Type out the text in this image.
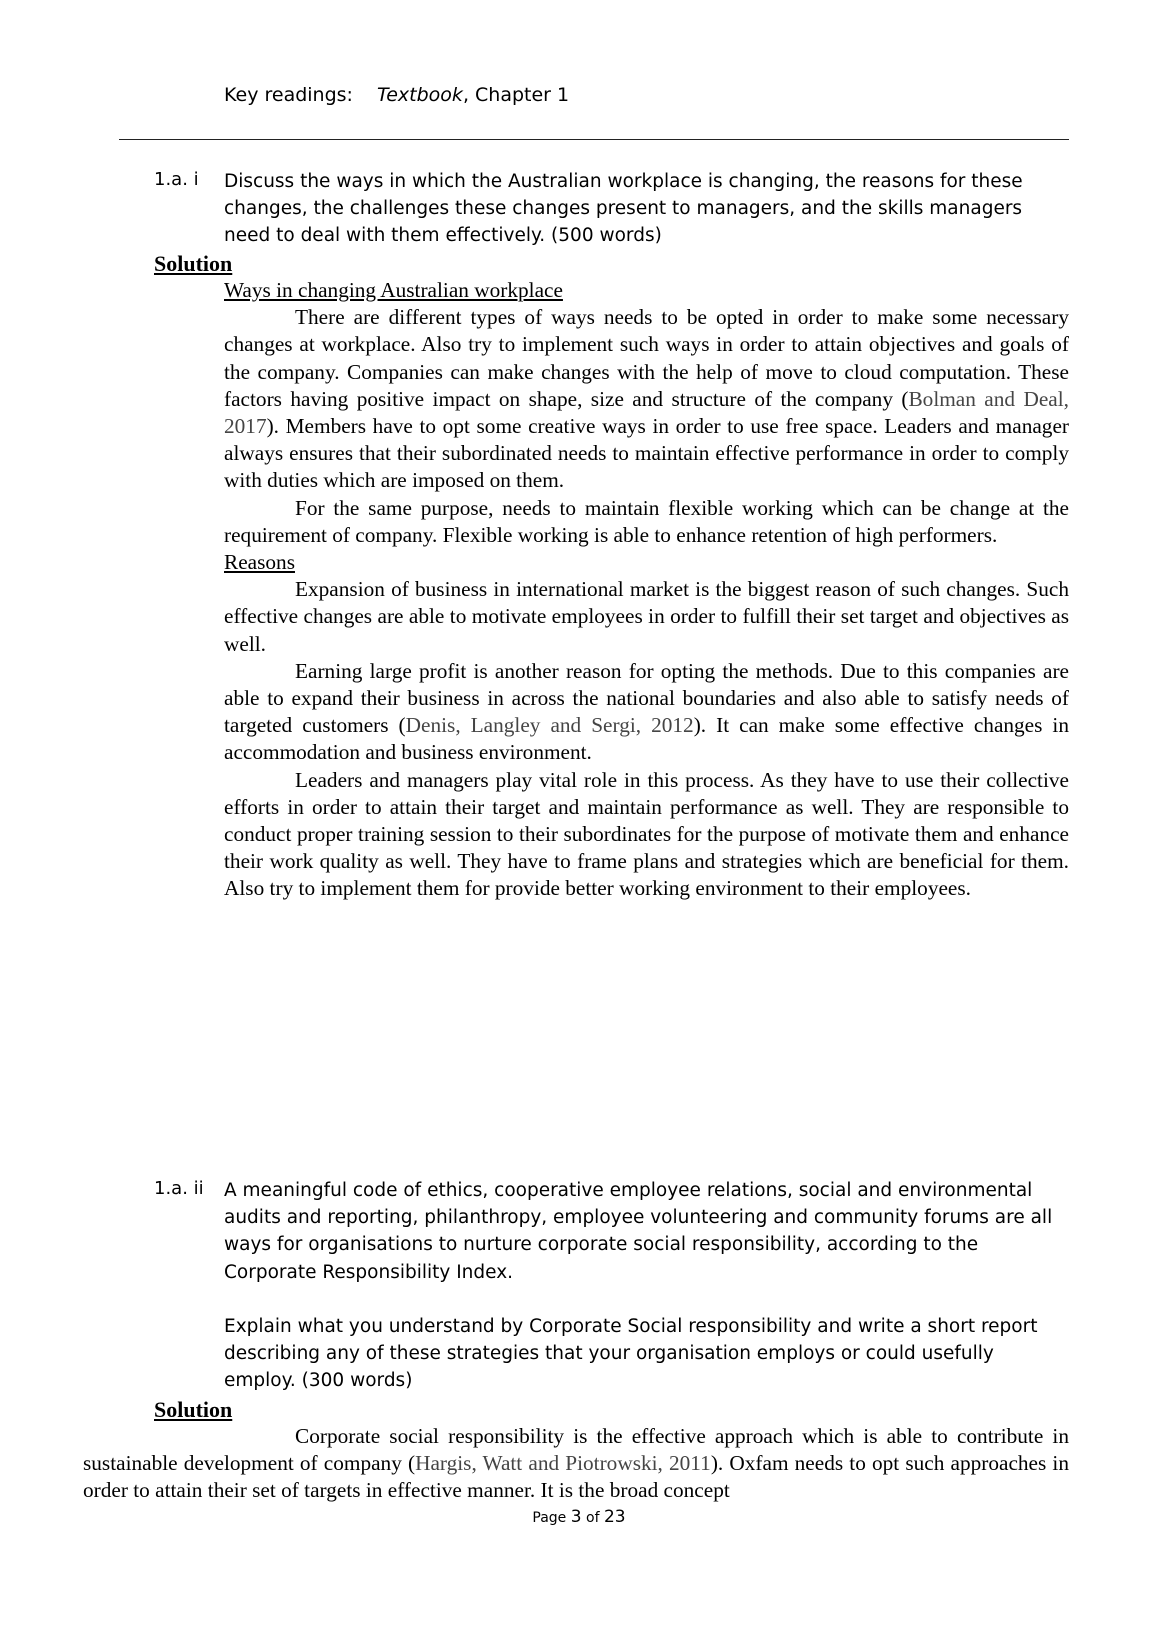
Key readings: Textbook, Chapter 1
1.a. i Discuss the ways in which the Australian workplace is changing, the reasons for these changes, the challenges these changes present to managers, and the skills managers need to deal with them effectively. (500 words)
Solution

Ways in changing Australian workplace

There are different types of ways needs to be opted in order to make some necessary changes at workplace. Also try to implement such ways in order to attain objectives and goals of the company. Companies can make changes with the help of move to cloud computation. These factors having positive impact on shape, size and structure of the company (Bolman and Deal, 2017). Members have to opt some creative ways in order to use free space. Leaders and manager always ensures that their subordinated needs to maintain effective performance in order to comply with duties which are imposed on them.

For the same purpose, needs to maintain flexible working which can be change at the requirement of company. Flexible working is able to enhance retention of high performers.

Reasons

Expansion of business in international market is the biggest reason of such changes. Such effective changes are able to motivate employees in order to fulfill their set target and objectives as well.

Earning large profit is another reason for opting the methods. Due to this companies are able to expand their business in across the national boundaries and also able to satisfy needs of targeted customers (Denis, Langley and Sergi, 2012). It can make some effective changes in accommodation and business environment.

Leaders and managers play vital role in this process. As they have to use their collective efforts in order to attain their target and maintain performance as well. They are responsible to conduct proper training session to their subordinates for the purpose of motivate them and enhance their work quality as well. They have to frame plans and strategies which are beneficial for them. Also try to implement them for provide better working environment to their employees.

1.a. ii A meaningful code of ethics, cooperative employee relations, social and environmental audits and reporting, philanthropy, employee volunteering and community forums are all ways for organisations to nurture corporate social responsibility, according to the Corporate Responsibility Index.
Explain what you understand by Corporate Social responsibility and write a short report describing any of these strategies that your organisation employs or could usefully employ. (300 words)
Solution

Corporate social responsibility is the effective approach which is able to contribute in sustainable development of company (Hargis, Watt and Piotrowski, 2011). Oxfam needs to opt such approaches in order to attain their set of targets in effective manner. It is the broad concept

Page 3 of 23
